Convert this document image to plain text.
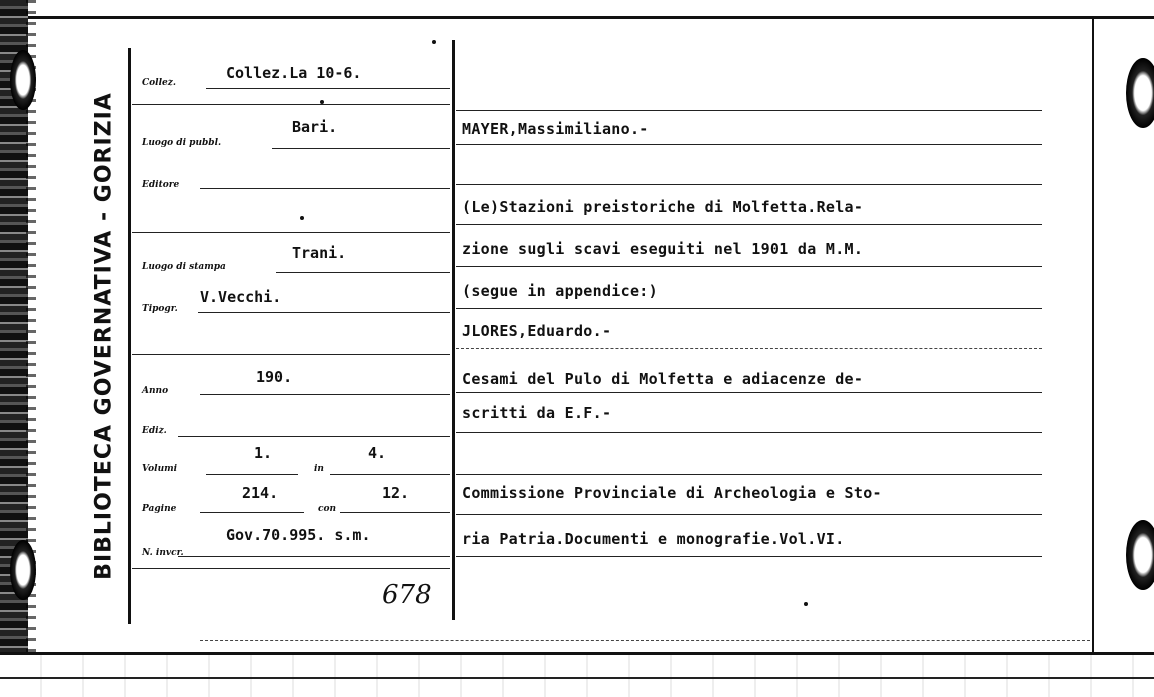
BIBLIOTECA GOVERNATIVA - GORIZIA
Collez.
Collez.La 10-6.
Luogo di pubbl.
Bari.
Editore
Luogo di stampa
Trani.
Tipogr.
V.Vecchi.
Anno
190.
Ediz.
Volumi
1.
in
4.
Pagine
214.
con
12.
N. invcr.
Gov.70.995. s.m.
678
MAYER,Massimiliano.-
(Le)Stazioni preistoriche di Molfetta.Rela-
zione sugli scavi eseguiti nel 1901 da M.M.
(segue in appendice:)
JLORES,Eduardo.-
Cesami del Pulo di Molfetta e adiacenze de-
scritti da E.F.-
Commissione Provinciale di Archeologia e Sto-
ria Patria.Documenti e monografie.Vol.VI.
